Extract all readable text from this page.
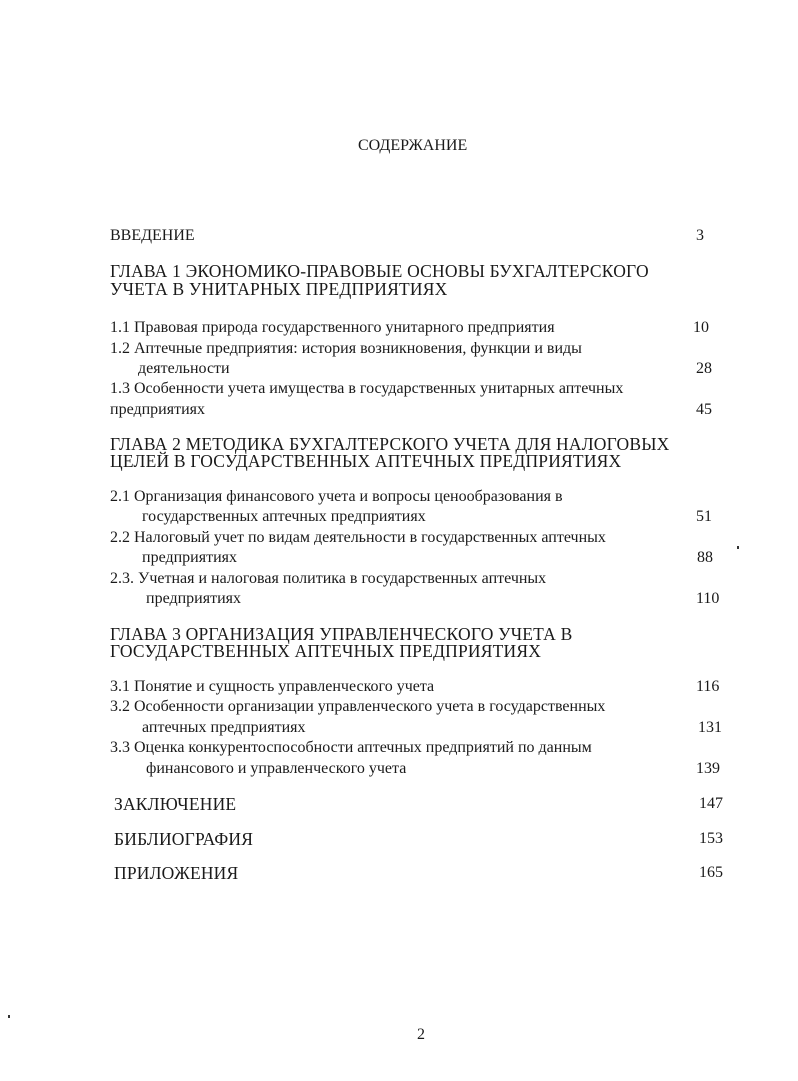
СОДЕРЖАНИЕ
ВВЕДЕНИЕ	3
ГЛАВА 1 ЭКОНОМИКО-ПРАВОВЫЕ ОСНОВЫ БУХГАЛТЕРСКОГО
УЧЕТА В УНИТАРНЫХ ПРЕДПРИЯТИЯХ
1.1 Правовая природа государственного унитарного предприятия	10
1.2 Аптечные предприятия: история возникновения, функции и виды
деятельности	28
1.3 Особенности учета имущества в государственных унитарных аптечных
предприятиях	45
ГЛАВА 2 МЕТОДИКА БУХГАЛТЕРСКОГО УЧЕТА ДЛЯ НАЛОГОВЫХ
ЦЕЛЕЙ В ГОСУДАРСТВЕННЫХ АПТЕЧНЫХ ПРЕДПРИЯТИЯХ
2.1 Организация финансового учета и вопросы ценообразования в
государственных аптечных предприятиях	51
2.2 Налоговый учет по видам деятельности в государственных аптечных
предприятиях	88
2.3. Учетная и налоговая политика в государственных аптечных
предприятиях	110
ГЛАВА 3 ОРГАНИЗАЦИЯ УПРАВЛЕНЧЕСКОГО УЧЕТА В
ГОСУДАРСТВЕННЫХ АПТЕЧНЫХ ПРЕДПРИЯТИЯХ
3.1 Понятие и сущность управленческого учета	116
3.2 Особенности организации управленческого учета в государственных
аптечных предприятиях	131
3.3 Оценка конкурентоспособности аптечных предприятий по данным
финансового и управленческого учета	139
ЗАКЛЮЧЕНИЕ	147
БИБЛИОГРАФИЯ	153
ПРИЛОЖЕНИЯ	165
2
